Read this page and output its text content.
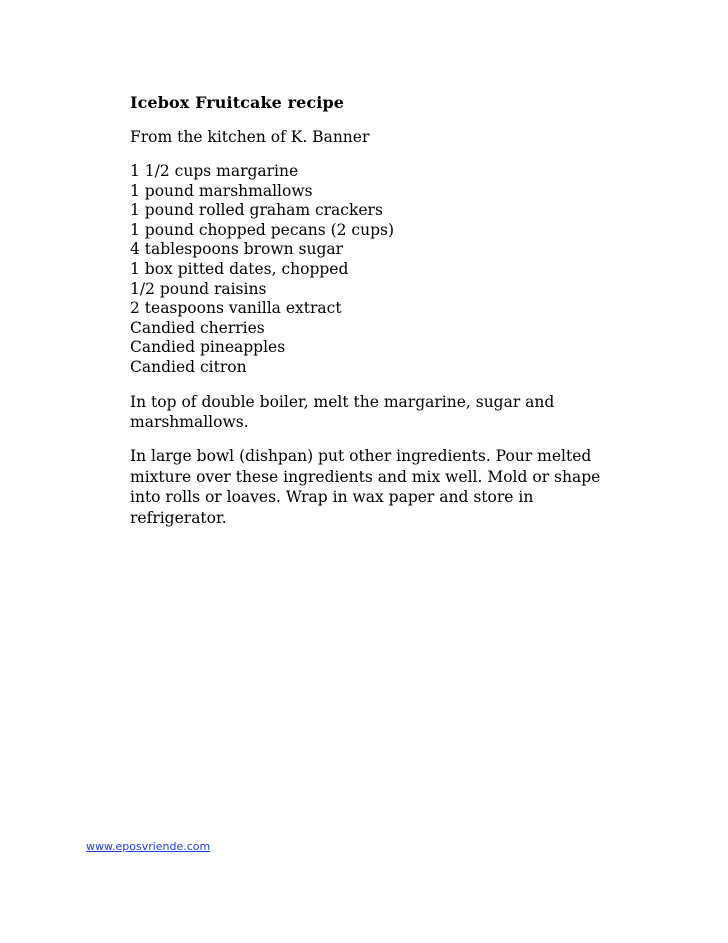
Icebox Fruitcake recipe
From the kitchen of K. Banner
1 1/2 cups margarine
1 pound marshmallows
1 pound rolled graham crackers
1 pound chopped pecans (2 cups)
4 tablespoons brown sugar
1 box pitted dates, chopped
1/2 pound raisins
2 teaspoons vanilla extract
Candied cherries
Candied pineapples
Candied citron

In top of double boiler, melt the margarine, sugar and marshmallows.

In large bowl (dishpan) put other ingredients. Pour melted mixture over these ingredients and mix well. Mold or shape into rolls or loaves. Wrap in wax paper and store in refrigerator.

www.eposvriende.com
